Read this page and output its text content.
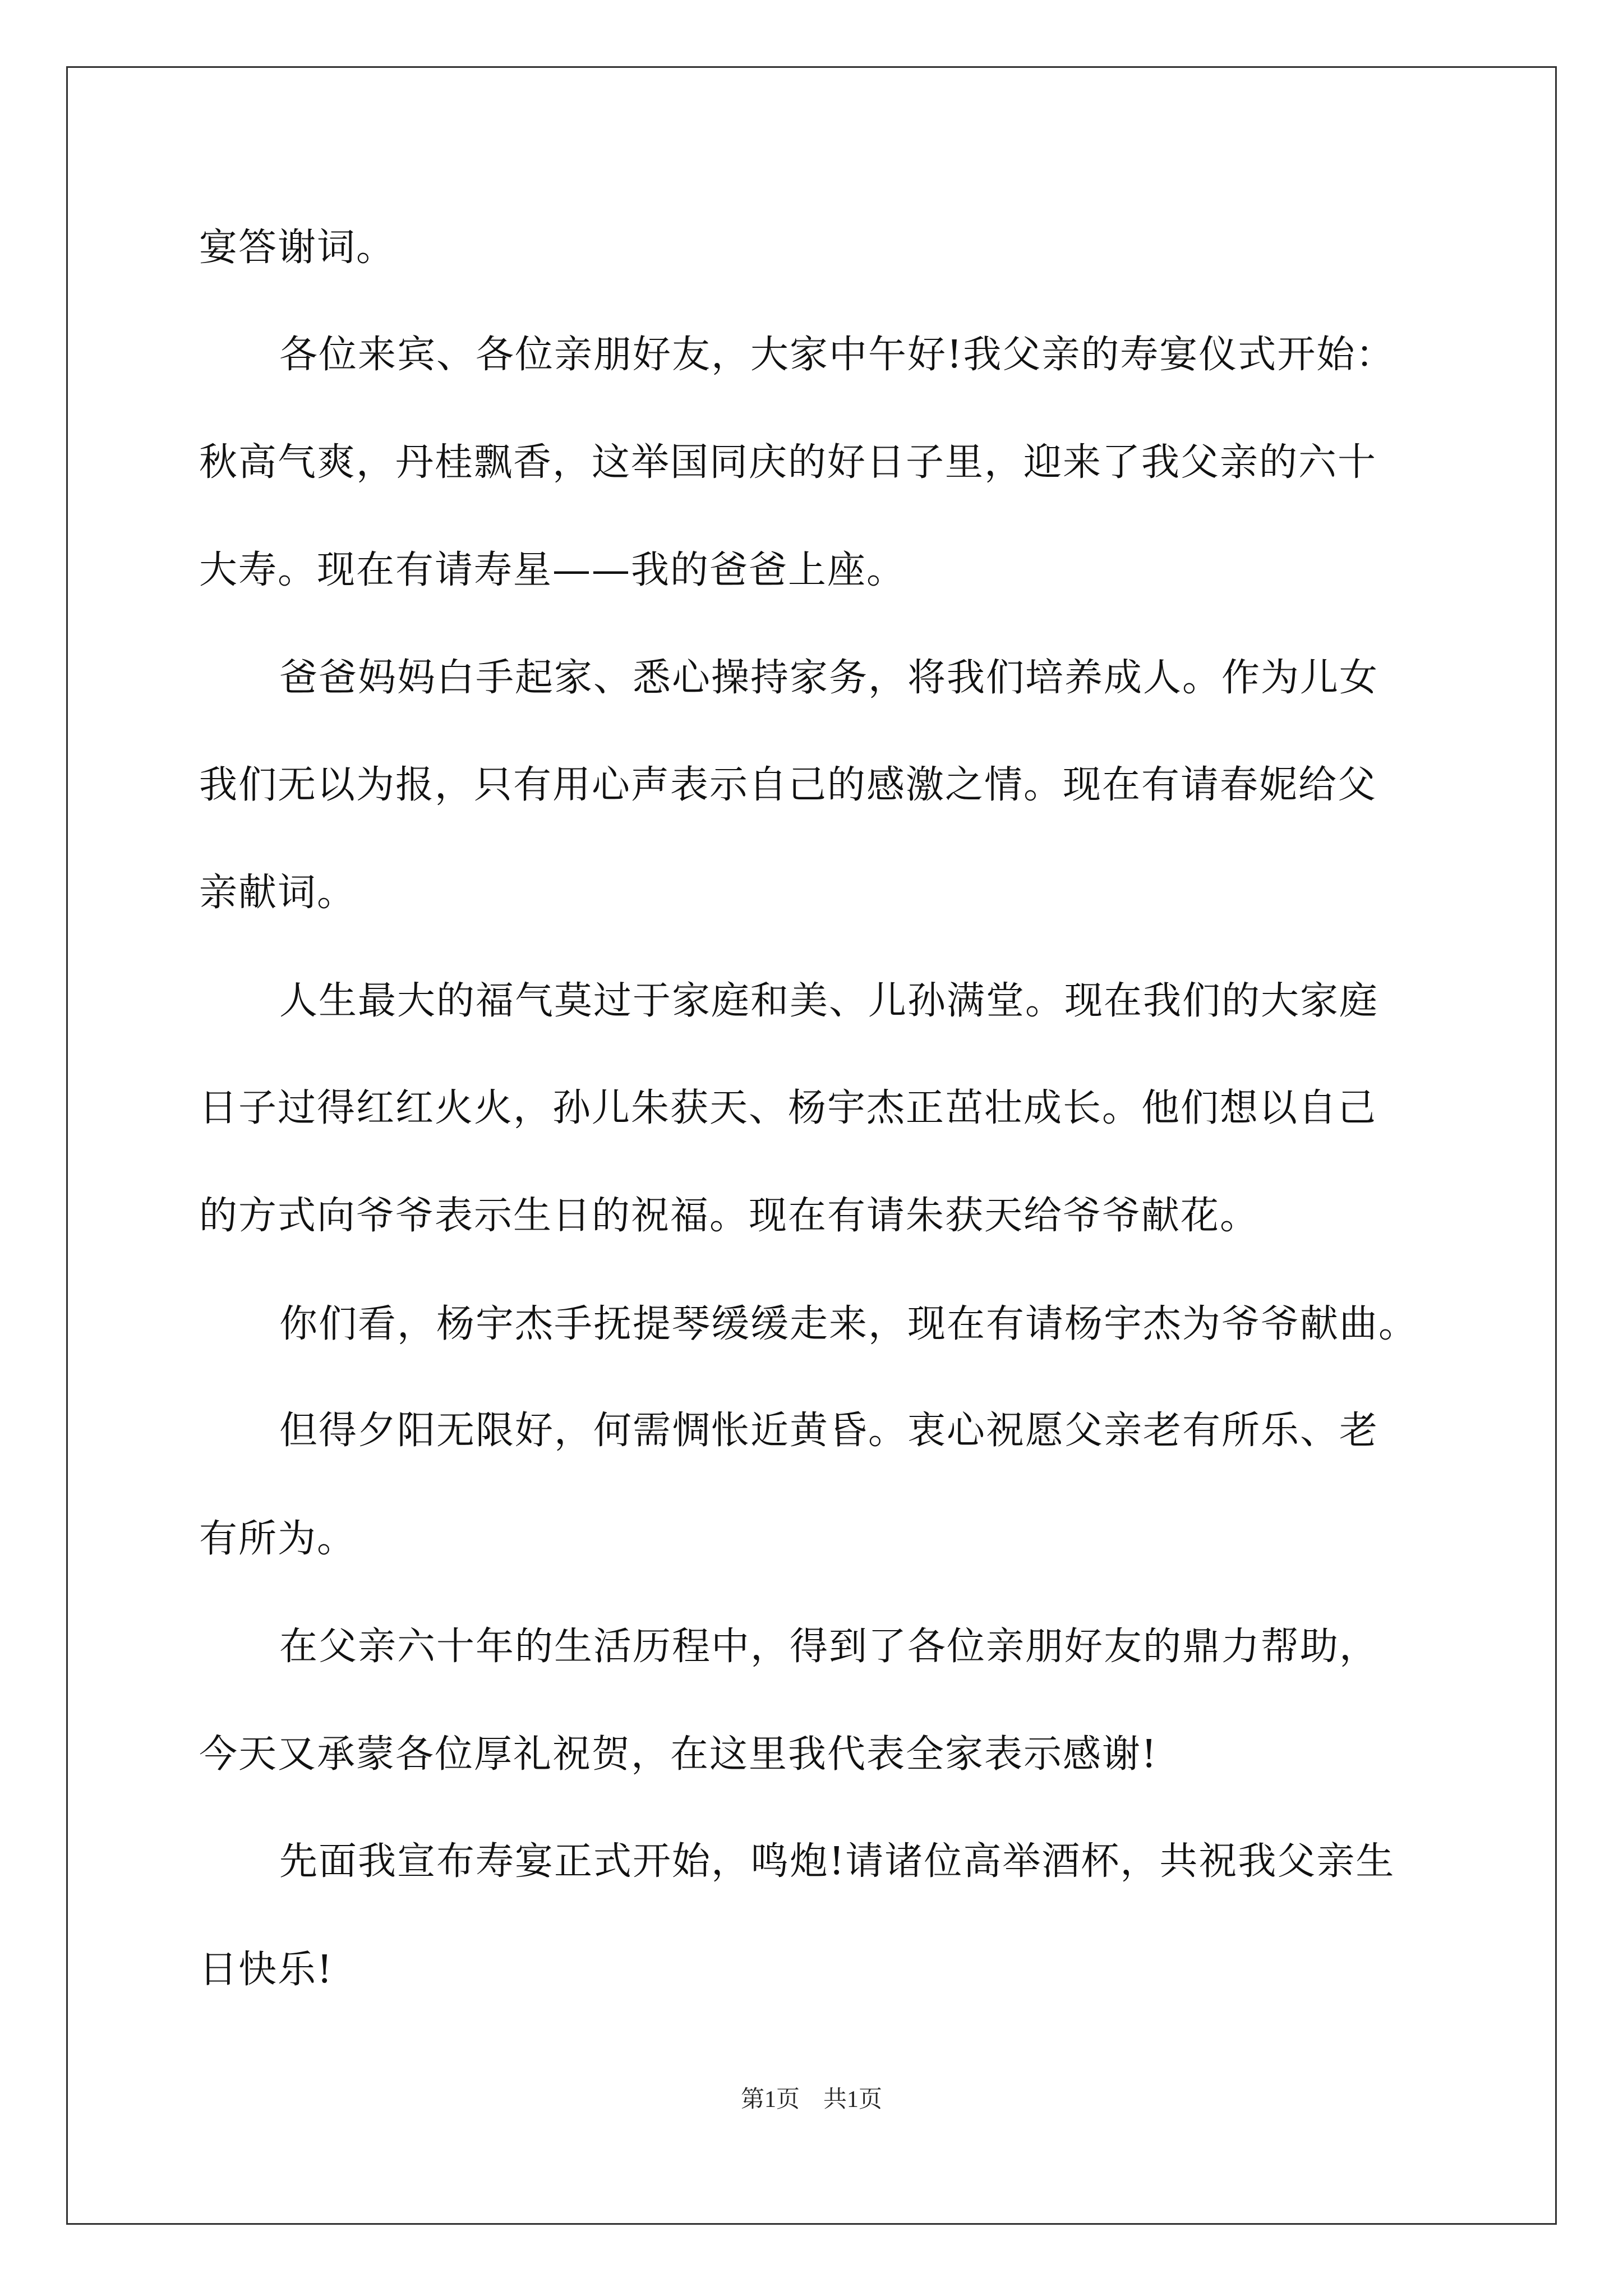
宴答谢词。
各位来宾、各位亲朋好友，大家中午好!我父亲的寿宴仪式开始：
秋高气爽，丹桂飘香，这举国同庆的好日子里，迎来了我父亲的六十
大寿。现在有请寿星——我的爸爸上座。
爸爸妈妈白手起家、悉心操持家务，将我们培养成人。作为儿女
我们无以为报，只有用心声表示自己的感激之情。现在有请春妮给父
亲献词。
人生最大的福气莫过于家庭和美、儿孙满堂。现在我们的大家庭
日子过得红红火火，孙儿朱获天、杨宇杰正茁壮成长。他们想以自己
的方式向爷爷表示生日的祝福。现在有请朱获天给爷爷献花。
你们看，杨宇杰手抚提琴缓缓走来，现在有请杨宇杰为爷爷献曲。
但得夕阳无限好，何需惆怅近黄昏。衷心祝愿父亲老有所乐、老
有所为。
在父亲六十年的生活历程中，得到了各位亲朋好友的鼎力帮助，
今天又承蒙各位厚礼祝贺，在这里我代表全家表示感谢!
先面我宣布寿宴正式开始，鸣炮!请诸位高举酒杯，共祝我父亲生
日快乐!
第1页　共1页
